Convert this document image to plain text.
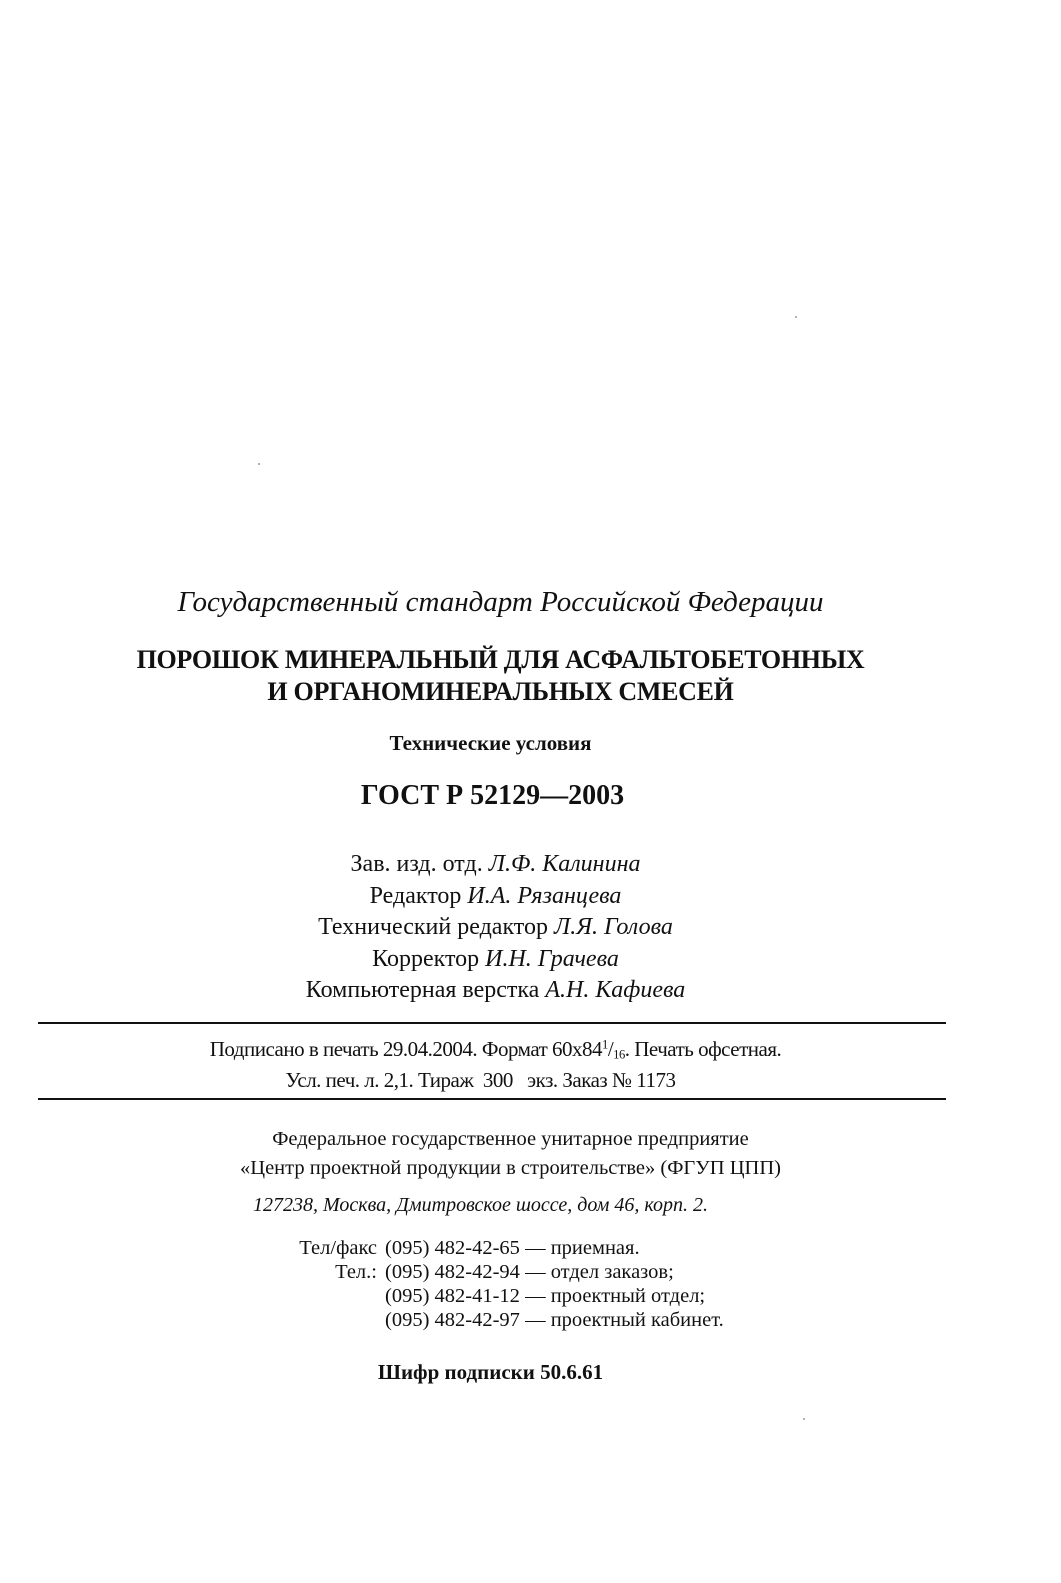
Государственный стандарт Российской Федерации
ПОРОШОК МИНЕРАЛЬНЫЙ ДЛЯ АСФАЛЬТОБЕТОННЫХ
И ОРГАНОМИНЕРАЛЬНЫХ СМЕСЕЙ
Технические условия
ГОСТ Р 52129—2003
Зав. изд. отд. Л.Ф. Калинина
Редактор И.А. Рязанцева
Технический редактор Л.Я. Голова
Корректор И.Н. Грачева
Компьютерная верстка А.Н. Кафиева
Подписано в печать 29.04.2004. Формат $60x84^1/_{16}$. Печать офсетная.
Усл. печ. л. 2,1. Тираж  300   экз. Заказ № 1173
Федеральное государственное унитарное предприятие
«Центр проектной продукции в строительстве» (ФГУП ЦПП)
127238, Москва, Дмитровское шоссе, дом 46, корп. 2.
Тел/факс (095) 482-42-65
— приемная.
Тел.: (095) 482-42-94
— отдел заказов;
(095) 482-41-12
— проектный отдел;
(095) 482-42-97
— проектный кабинет.
Шифр подписки 50.6.61
